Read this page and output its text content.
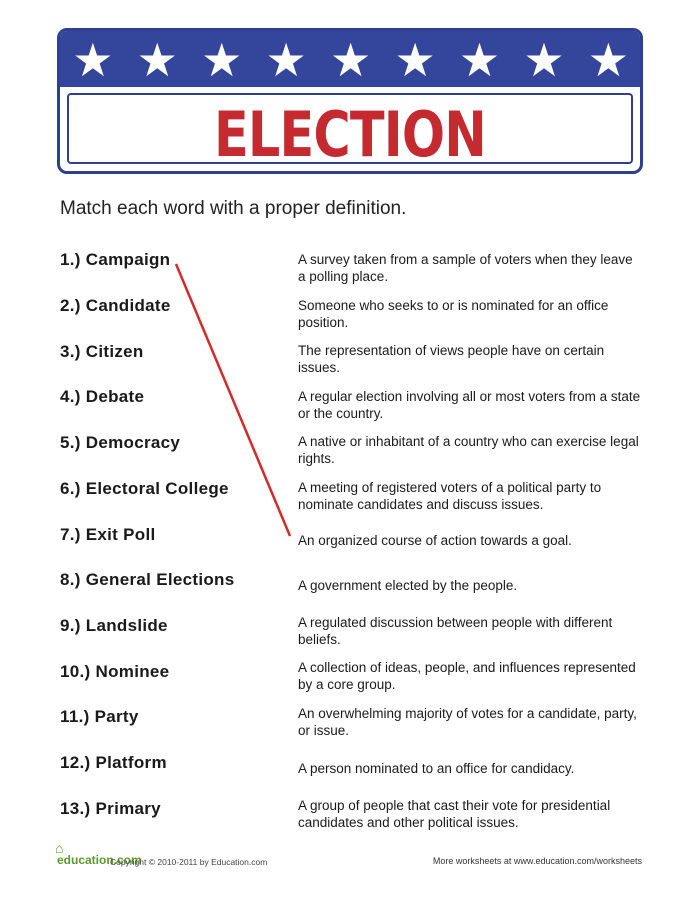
★ ★ ★ ★ ★ ★ ★ ★ ★
ELECTION
Match each word with a proper definition.
1.) Campaign
2.) Candidate
3.) Citizen
4.) Debate
5.) Democracy
6.) Electoral College
7.) Exit Poll
8.) General Elections
9.) Landslide
10.) Nominee
11.) Party
12.) Platform
13.) Primary
A survey taken from a sample of voters when they leave a polling place.
Someone who seeks to or is nominated for an office position.
The representation of views people have on certain issues.
A regular election involving all or most voters from a state or the country.
A native or inhabitant of a country who can exercise legal rights.
A meeting of registered voters of a political party to nominate candidates and discuss issues.
An organized course of action towards a goal.
A government elected by the people.
A regulated discussion between people with different beliefs.
A collection of ideas, people, and influences represented by a core group.
An overwhelming majority of votes for a candidate, party, or issue.
A person nominated to an office for candidacy.
A group of people that cast their vote for presidential candidates and other political issues.
⌂
education.com
Copyright © 2010-2011 by Education.com	More worksheets at www.education.com/worksheets
